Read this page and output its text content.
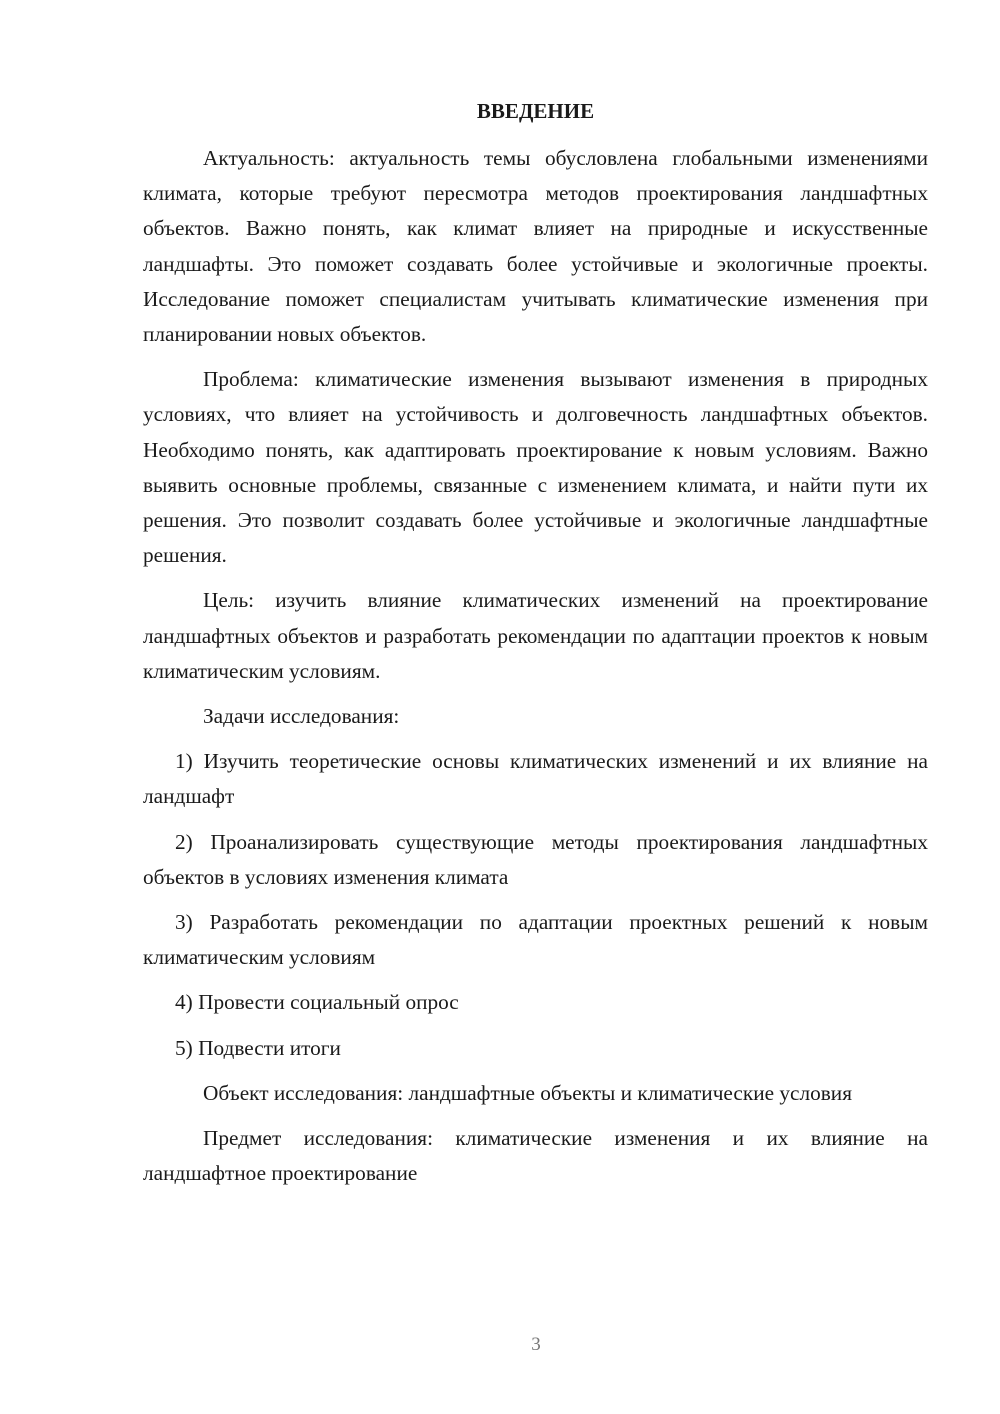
ВВЕДЕНИЕ

Актуальность: актуальность темы обусловлена глобальными изменениями климата, которые требуют пересмотра методов проектирования ландшафтных объектов. Важно понять, как климат влияет на природные и искусственные ландшафты. Это поможет создавать более устойчивые и экологичные проекты. Исследование поможет специалистам учитывать климатические изменения при планировании новых объектов.

Проблема: климатические изменения вызывают изменения в природных условиях, что влияет на устойчивость и долговечность ландшафтных объектов. Необходимо понять, как адаптировать проектирование к новым условиям. Важно выявить основные проблемы, связанные с изменением климата, и найти пути их решения. Это позволит создавать более устойчивые и экологичные ландшафтные решения.

Цель: изучить влияние климатических изменений на проектирование ландшафтных объектов и разработать рекомендации по адаптации проектов к новым климатическим условиям.

Задачи исследования:

1) Изучить теоретические основы климатических изменений и их влияние на ландшафт

2) Проанализировать существующие методы проектирования ландшафтных объектов в условиях изменения климата

3) Разработать рекомендации по адаптации проектных решений к новым климатическим условиям

4) Провести социальный опрос

5) Подвести итоги

Объект исследования: ландшафтные объекты и климатические условия

Предмет исследования: климатические изменения и их влияние на ландшафтное проектирование

3
